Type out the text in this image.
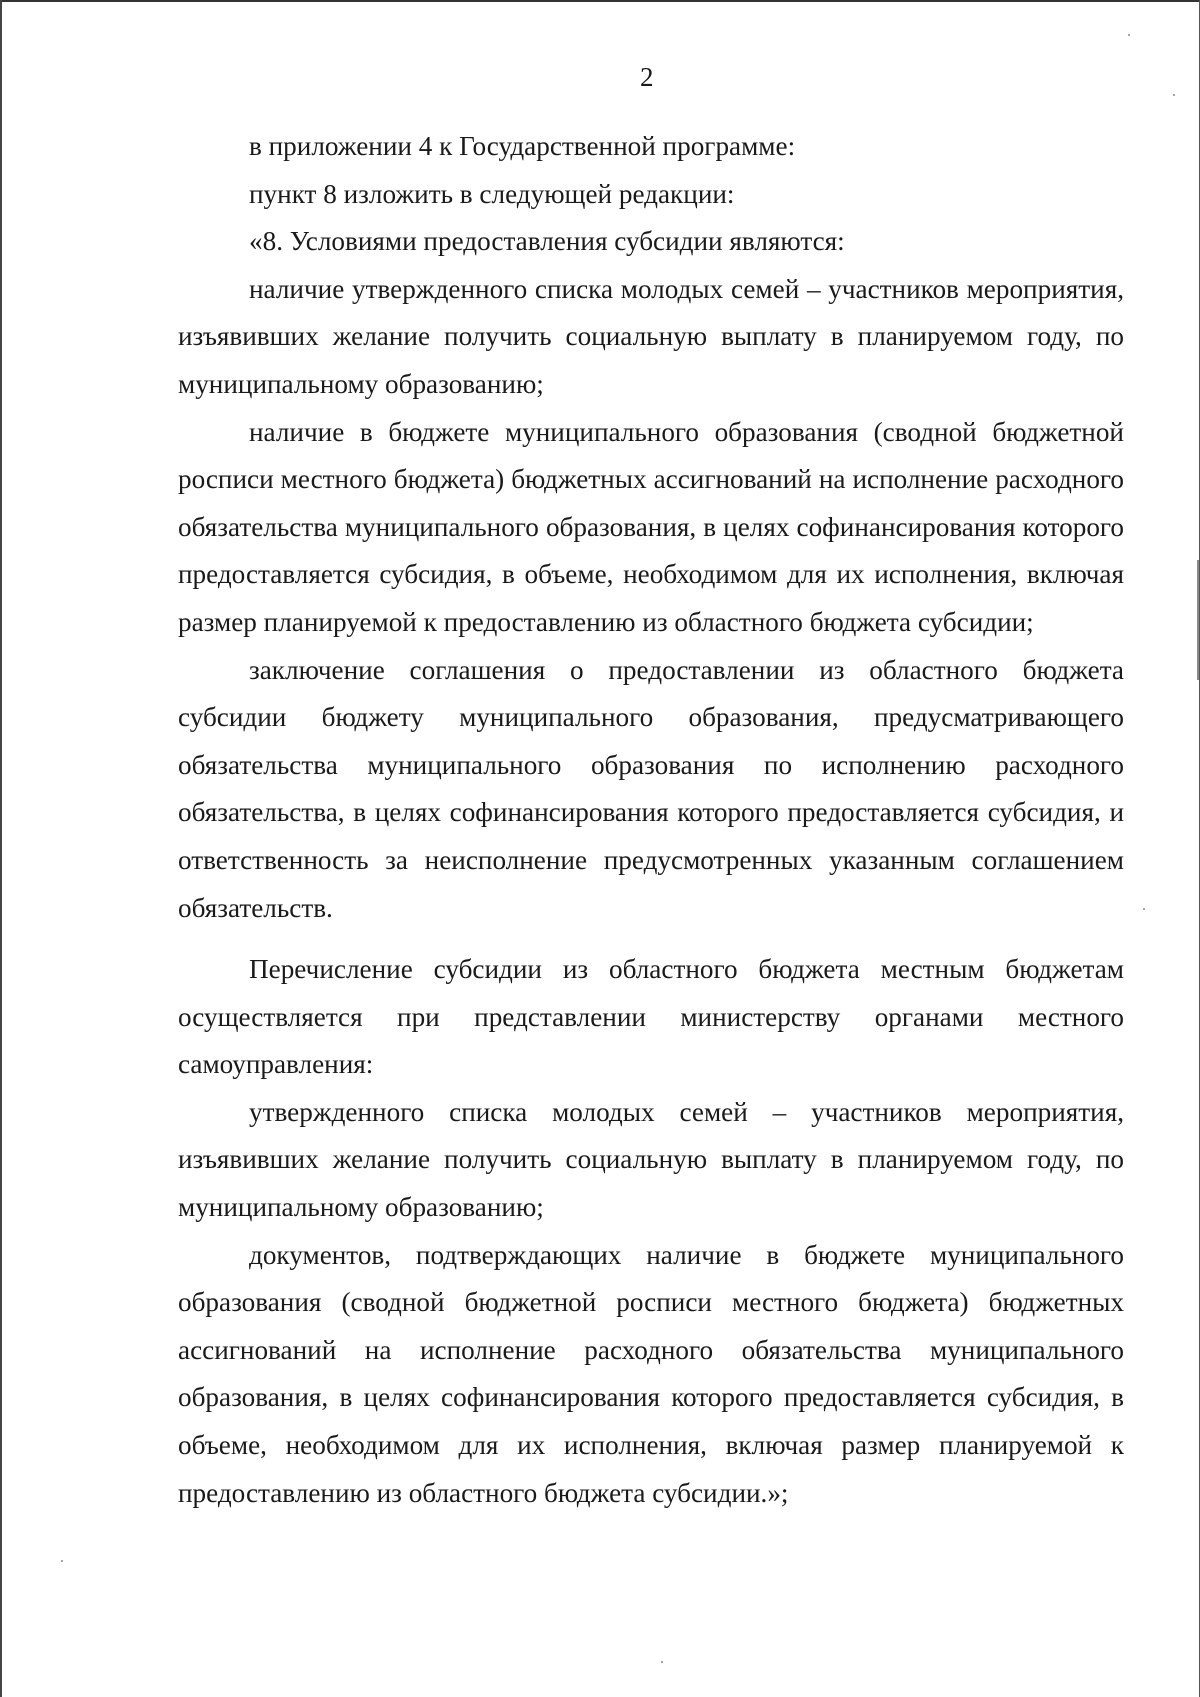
2

в приложении 4 к Государственной программе:

пункт 8 изложить в следующей редакции:

«8. Условиями предоставления субсидии являются:

наличие утвержденного списка молодых семей – участников мероприятия, изъявивших желание получить социальную выплату в планируемом году, по муниципальному образованию;

наличие в бюджете муниципального образования (сводной бюджетной росписи местного бюджета) бюджетных ассигнований на исполнение расходного обязательства муниципального образования, в целях софинансирования которого предоставляется субсидия, в объеме, необходимом для их исполнения, включая размер планируемой к предоставлению из областного бюджета субсидии;

заключение соглашения о предоставлении из областного бюджета субсидии бюджету муниципального образования, предусматривающего обязательства муниципального образования по исполнению расходного обязательства, в целях софинансирования которого предоставляется субсидия, и ответственность за неисполнение предусмотренных указанным соглашением обязательств.

Перечисление субсидии из областного бюджета местным бюджетам осуществляется при представлении министерству органами местного самоуправления:

утвержденного списка молодых семей – участников мероприятия, изъявивших желание получить социальную выплату в планируемом году, по муниципальному образованию;

документов, подтверждающих наличие в бюджете муниципального образования (сводной бюджетной росписи местного бюджета) бюджетных ассигнований на исполнение расходного обязательства муниципального образования, в целях софинансирования которого предоставляется субсидия, в объеме, необходимом для их исполнения, включая размер планируемой к предоставлению из областного бюджета субсидии.»;
